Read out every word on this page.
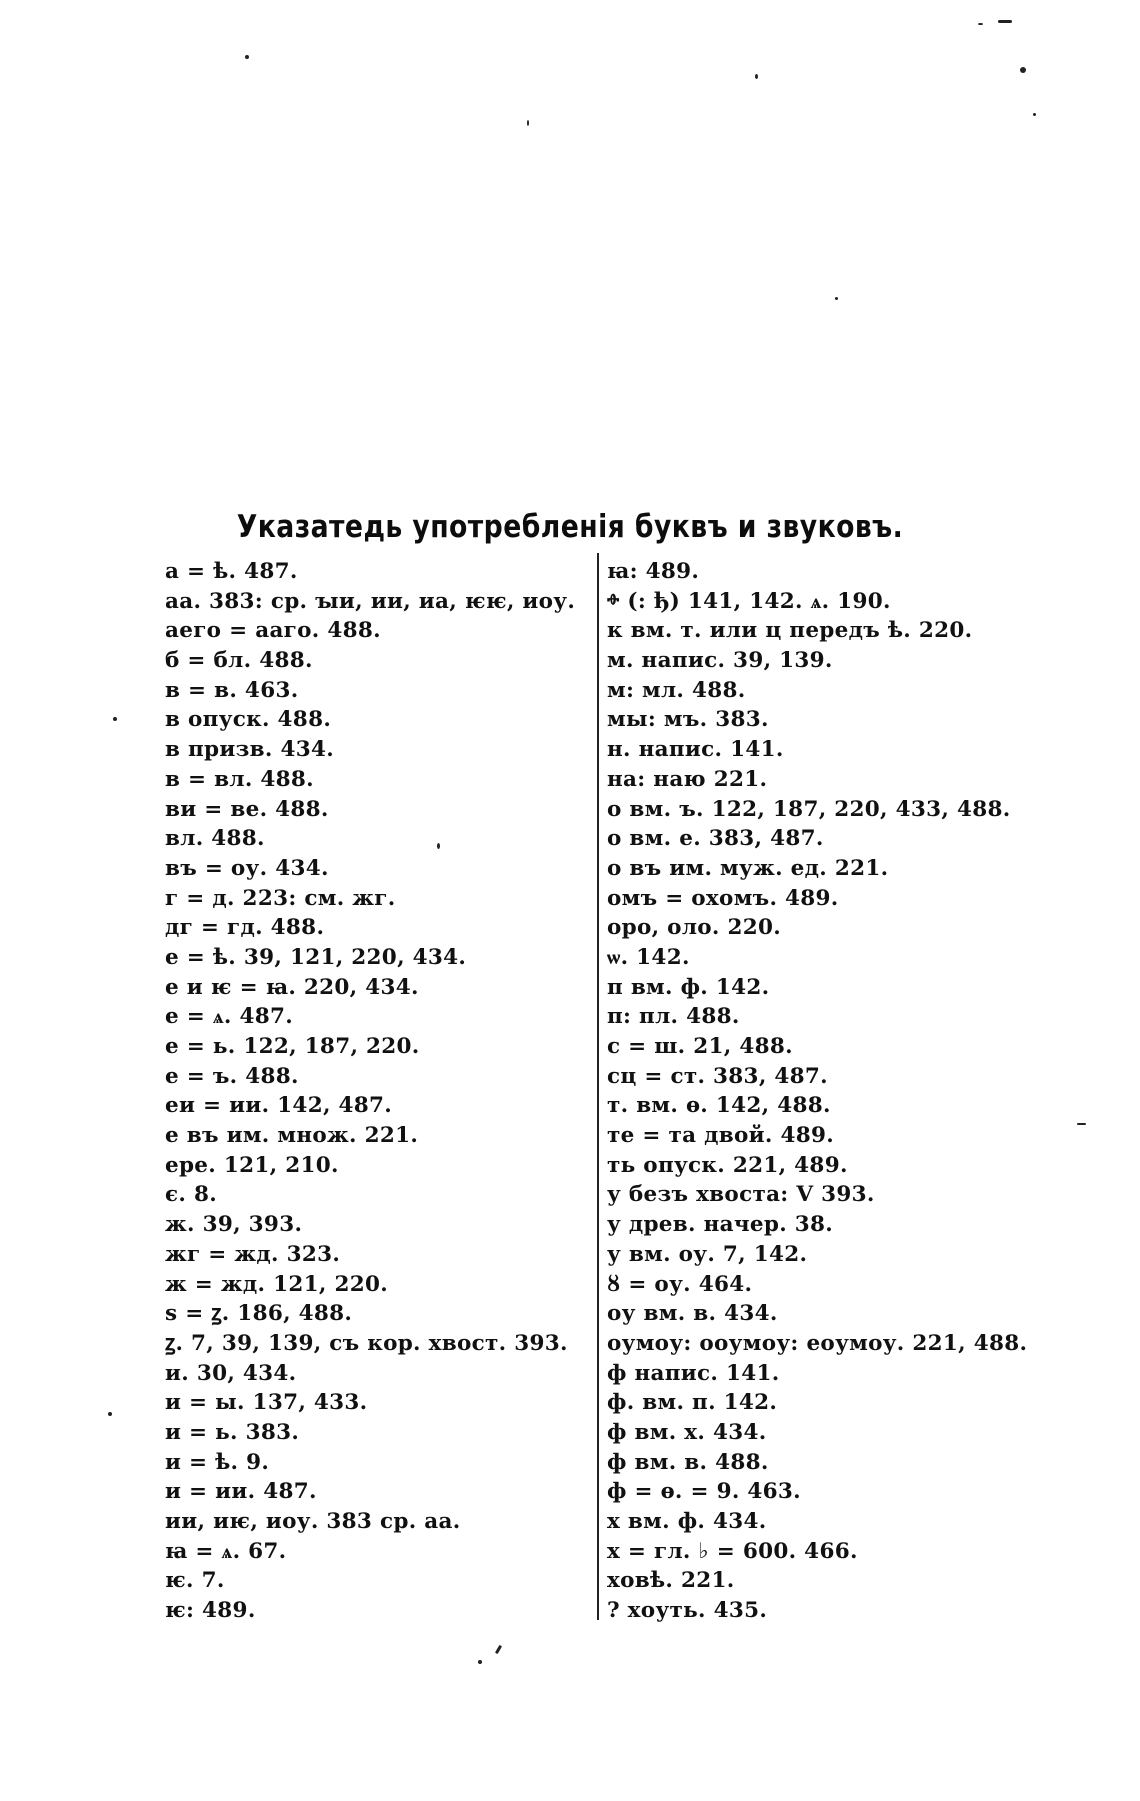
Указатедь употребленія буквъ и звуковъ.
а = ѣ. 487.
аа. 383: ср. ꙑи, ии, иа, ѥѥ, иоу.
аего = ааго. 488.
б = бл. 488.
в = в. 463.
в опуск. 488.
в призв. 434.
в = вл. 488.
ви = ве. 488.
вл. 488.
въ = оу. 434.
г = д. 223: см. жг.
дг = гд. 488.
е = ѣ. 39, 121, 220, 434.
е и ѥ = ꙗ. 220, 434.
е = ѧ. 487.
е = ь. 122, 187, 220.
е = ъ. 488.
еи = ии. 142, 487.
е въ им. множ. 221.
ере. 121, 210.
є. 8.
ж. 39, 393.
жг = жд. 323.
ж = жд. 121, 220.
ѕ = ꙁ. 186, 488.
ꙁ. 7, 39, 139, съ кор. хвост. 393.
и. 30, 434.
и = ы. 137, 433.
и = ь. 383.
и = ѣ. 9.
и = ии. 487.
ии, иѥ, иоу. 383 ср. аа.
ꙗ = ѧ. 67.
ѥ. 7.
ѥ: 489.
ꙗ: 489.
ⱚ (: ђ) 141, 142. ѧ. 190.
к вм. т. или ц передъ ѣ. 220.
м. напис. 39, 139.
м: мл. 488.
мы: мъ. 383.
н. напис. 141.
на: наю 221.
о вм. ъ. 122, 187, 220, 433, 488.
о вм. е. 383, 487.
о въ им. муж. ед. 221.
омъ = охомъ. 489.
оро, оло. 220.
ѡ. 142.
п вм. ф. 142.
п: пл. 488.
с = ш. 21, 488.
сц = ст. 383, 487.
т. вм. ѳ. 142, 488.
те = та двой. 489.
ть опуск. 221, 489.
у безъ хвоста: V 393.
у древ. начер. 38.
у вм. оу. 7, 142.
ȣ = оу. 464.
оу вм. в. 434.
оумоу: ооумоу: еоумоу. 221, 488.
ф напис. 141.
ф. вм. п. 142.
ф вм. х. 434.
ф вм. в. 488.
ф = ѳ. = 9. 463.
х вм. ф. 434.
х = гл. ♭ = 600. 466.
ховѣ. 221.
? хоуть. 435.
